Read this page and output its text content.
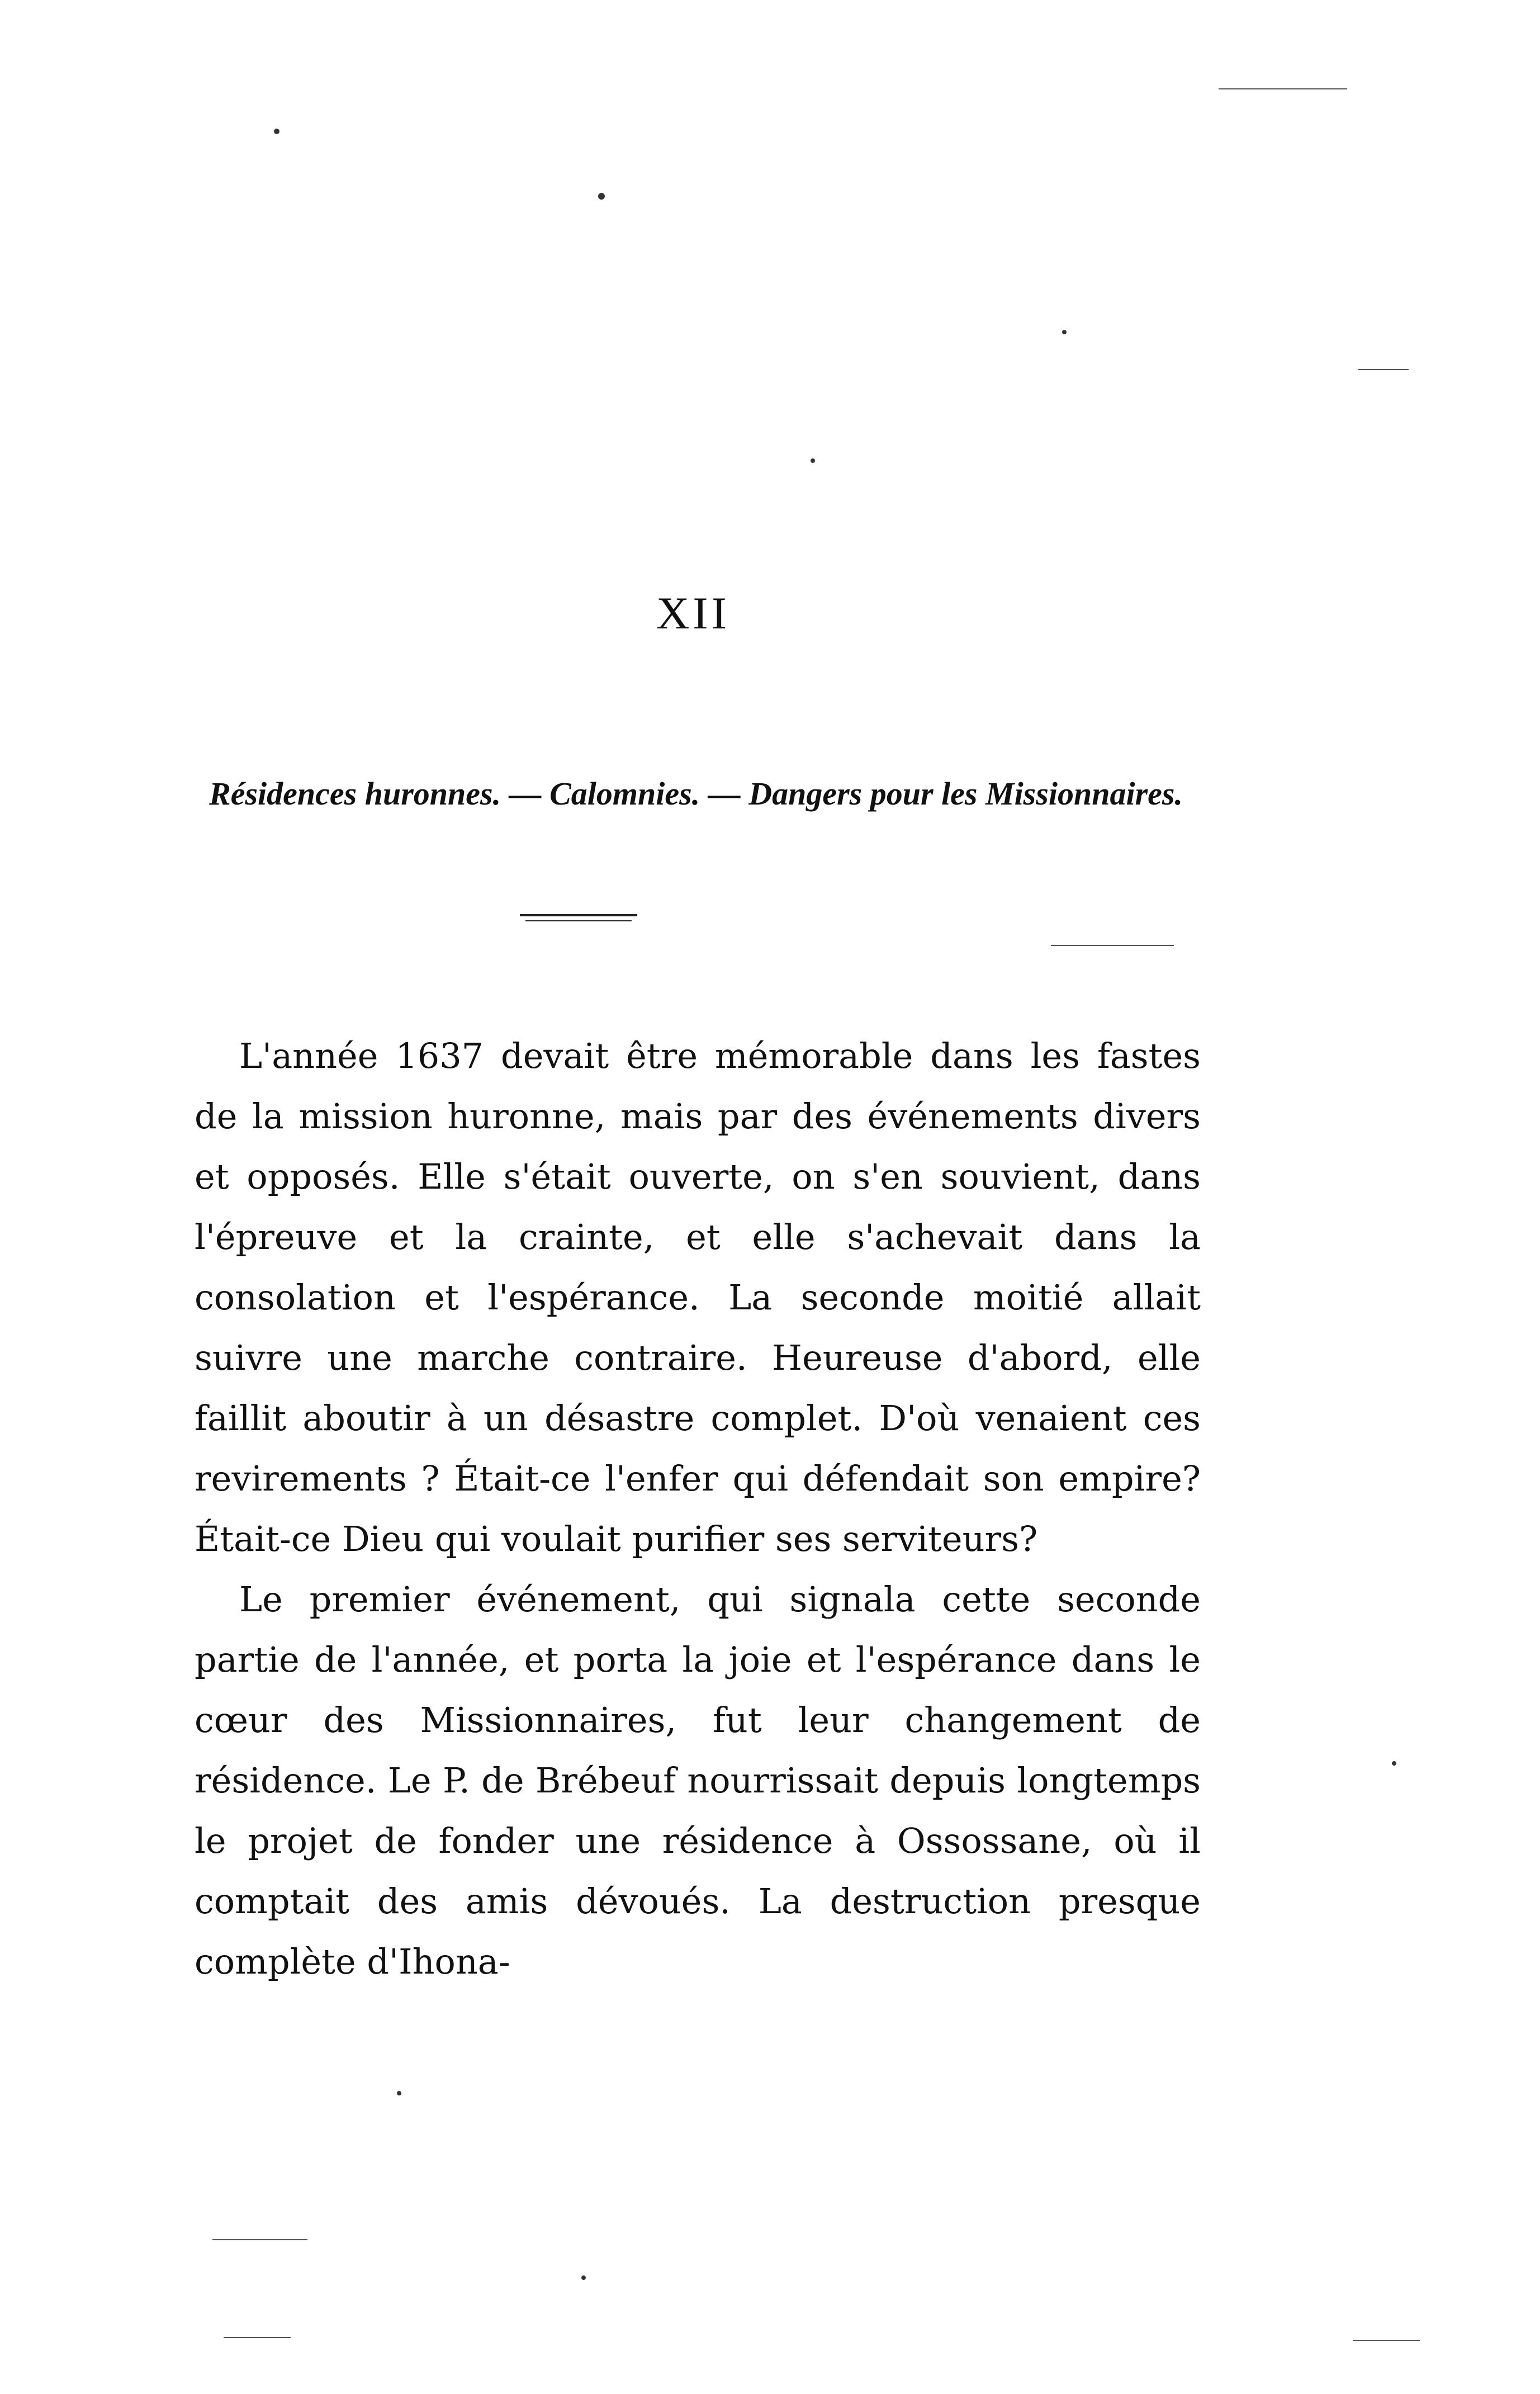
XII
Résidences huronnes. — Calomnies. — Dangers pour les Missionnaires.

L'année 1637 devait être mémorable dans les fastes de la mission huronne, mais par des événements divers et opposés. Elle s'était ouverte, on s'en souvient, dans l'épreuve et la crainte, et elle s'achevait dans la consolation et l'espérance. La seconde moitié allait suivre une marche contraire. Heureuse d'abord, elle faillit aboutir à un désastre complet. D'où venaient ces revirements ? Était-ce l'enfer qui défendait son empire? Était-ce Dieu qui voulait purifier ses serviteurs?

Le premier événement, qui signala cette seconde partie de l'année, et porta la joie et l'espérance dans le cœur des Missionnaires, fut leur changement de résidence. Le P. de Brébeuf nourrissait depuis longtemps le projet de fonder une résidence à Ossossane, où il comptait des amis dévoués. La destruction presque complète d'Ihona-
